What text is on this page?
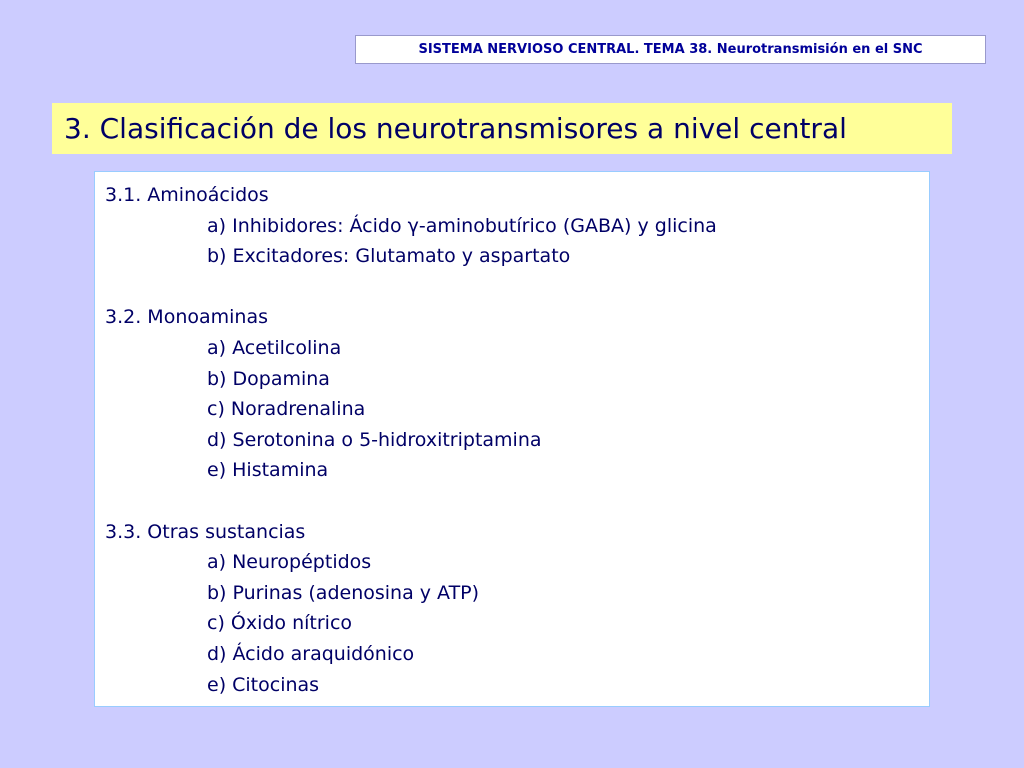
SISTEMA NERVIOSO CENTRAL. TEMA 38. Neurotransmisión en el SNC
3. Clasificación de los neurotransmisores a nivel central
3.1. Aminoácidos
a) Inhibidores: Ácido γ-aminobutírico (GABA) y glicina
b) Excitadores: Glutamato y aspartato
3.2. Monoaminas
a) Acetilcolina
b) Dopamina
c) Noradrenalina
d) Serotonina o 5-hidroxitriptamina
e) Histamina
3.3. Otras sustancias
a) Neuropéptidos
b) Purinas (adenosina y ATP)
c) Óxido nítrico
d) Ácido araquidónico
e) Citocinas
